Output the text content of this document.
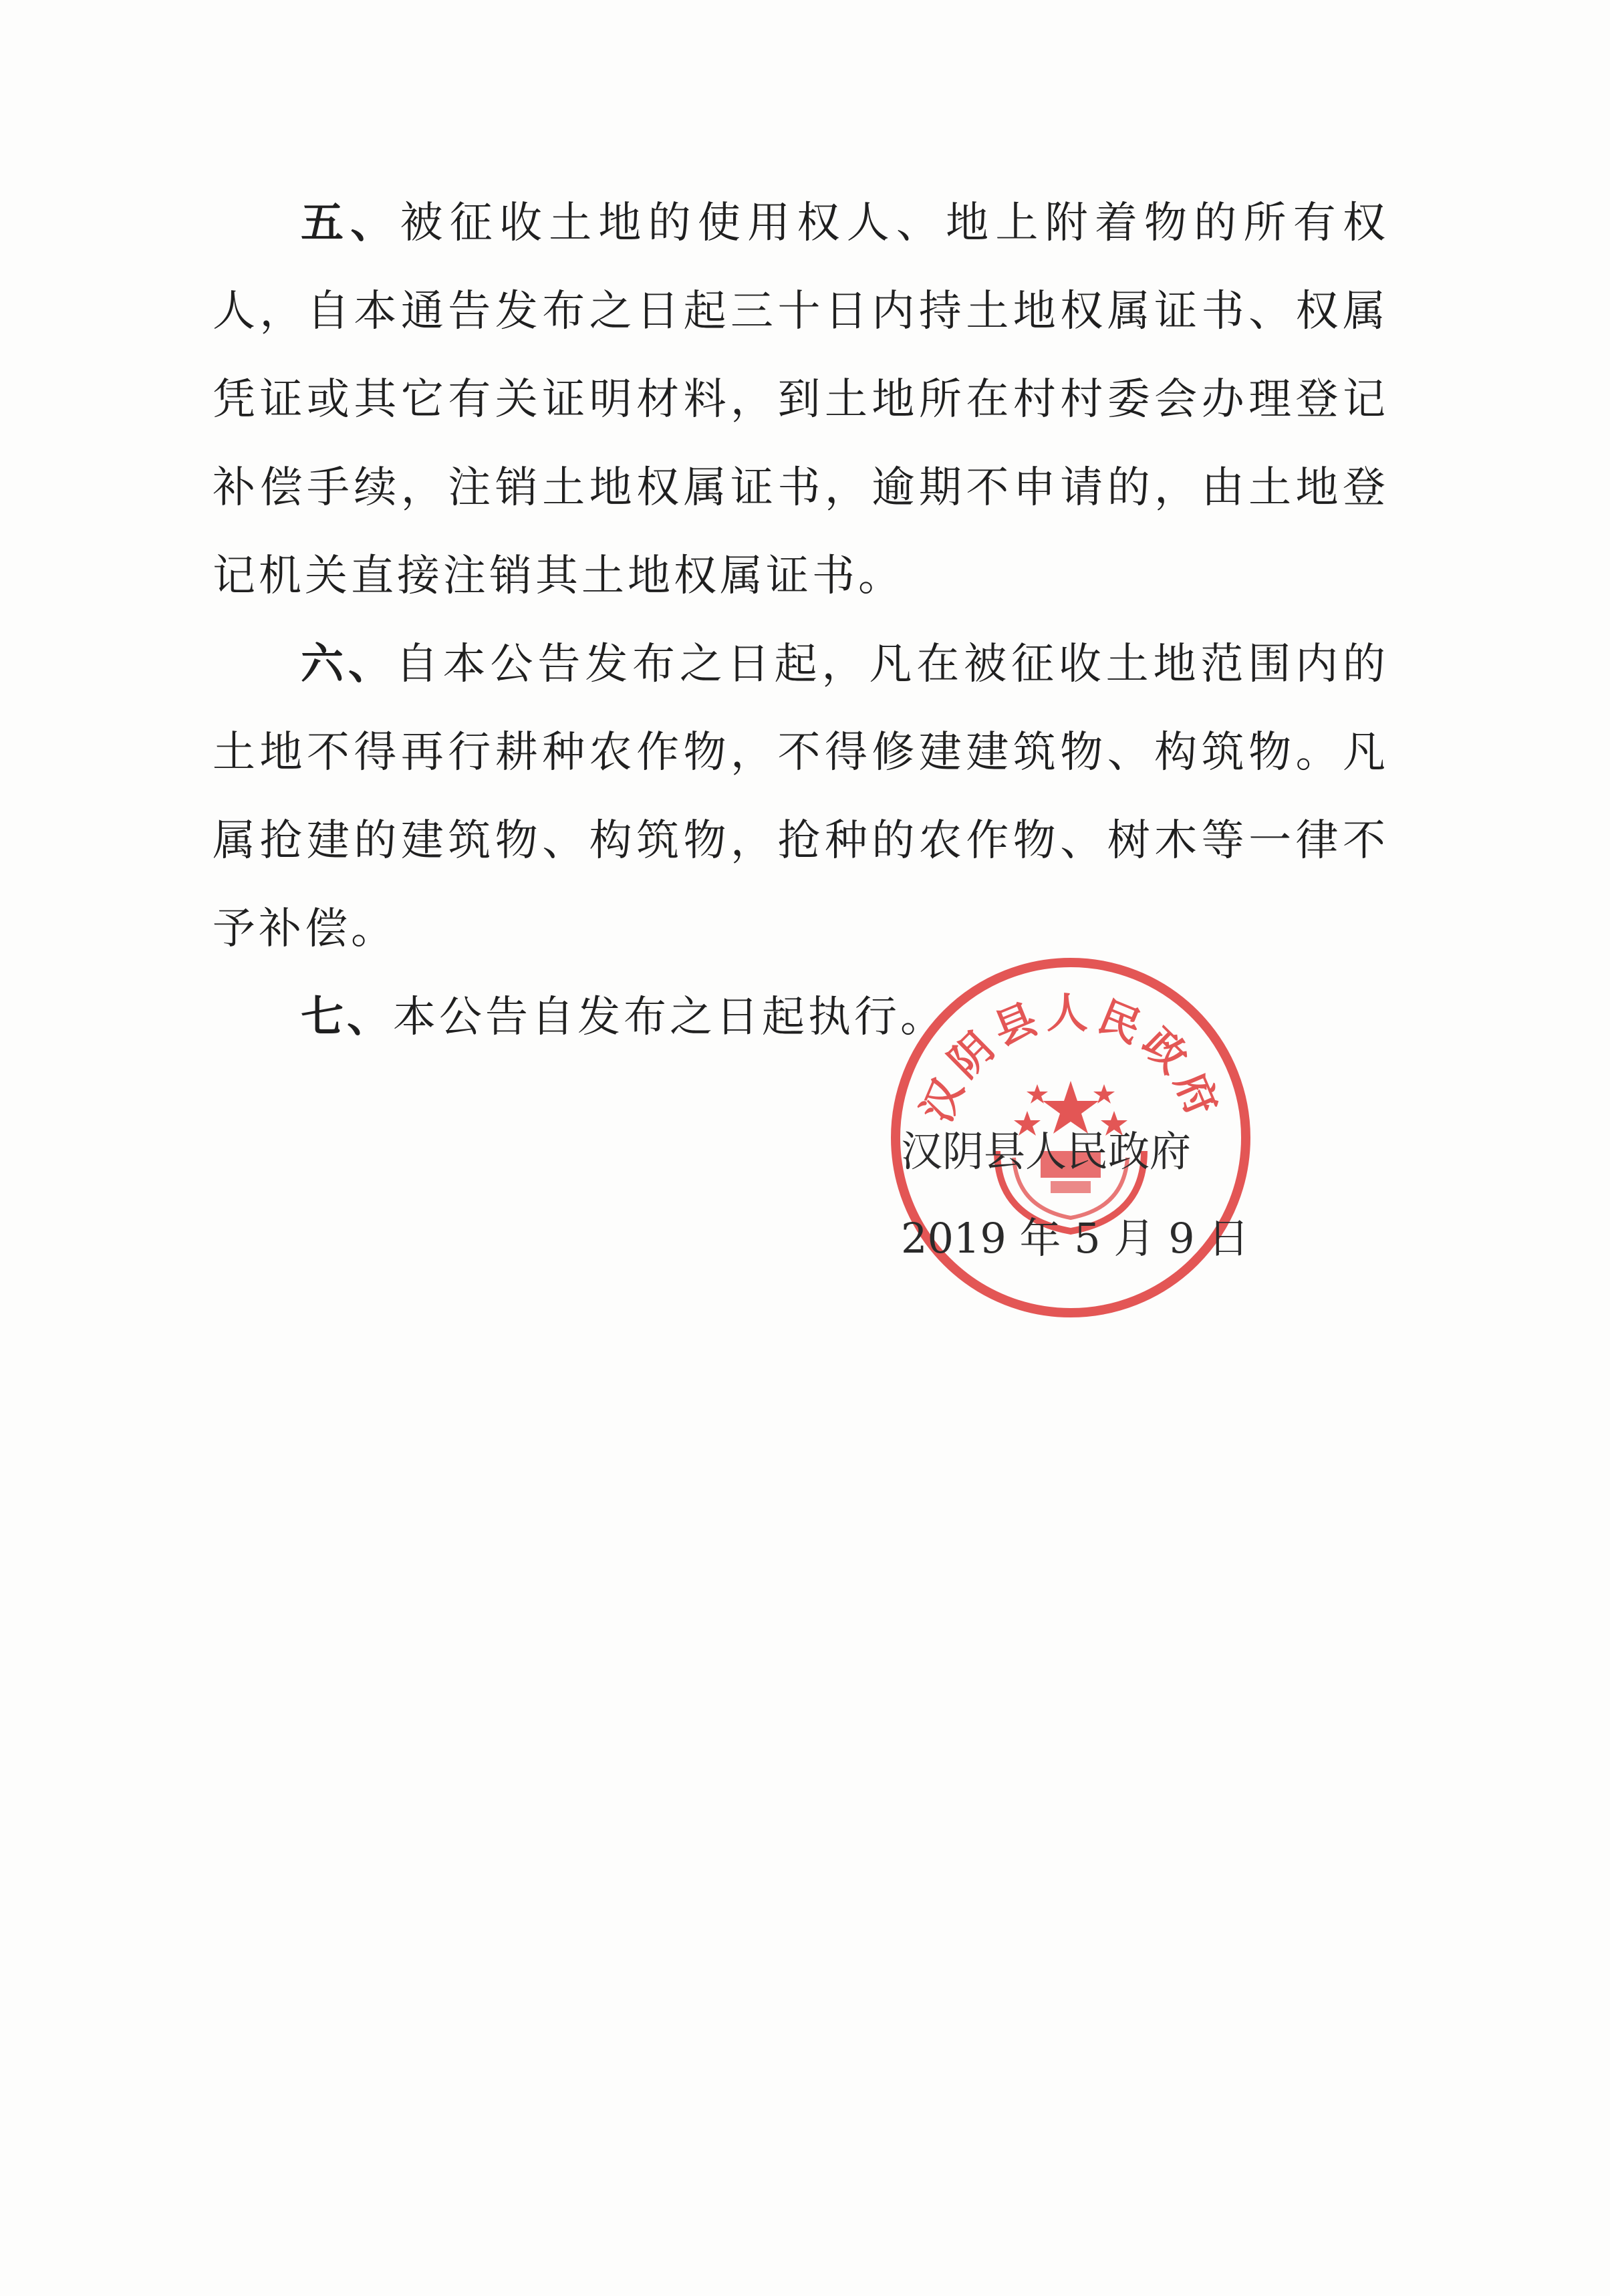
五、被征收土地的使用权人、地上附着物的所有权人，自本通告发布之日起三十日内持土地权属证书、权属凭证或其它有关证明材料，到土地所在村村委会办理登记补偿手续，注销土地权属证书，逾期不申请的，由土地登记机关直接注销其土地权属证书。

六、自本公告发布之日起，凡在被征收土地范围内的土地不得再行耕种农作物，不得修建建筑物、构筑物。凡属抢建的建筑物、构筑物，抢种的农作物、树木等一律不予补偿。

七、本公告自发布之日起执行。

汉阴县人民政府
汉阴县人民政府
2019 年 5 月 9 日
